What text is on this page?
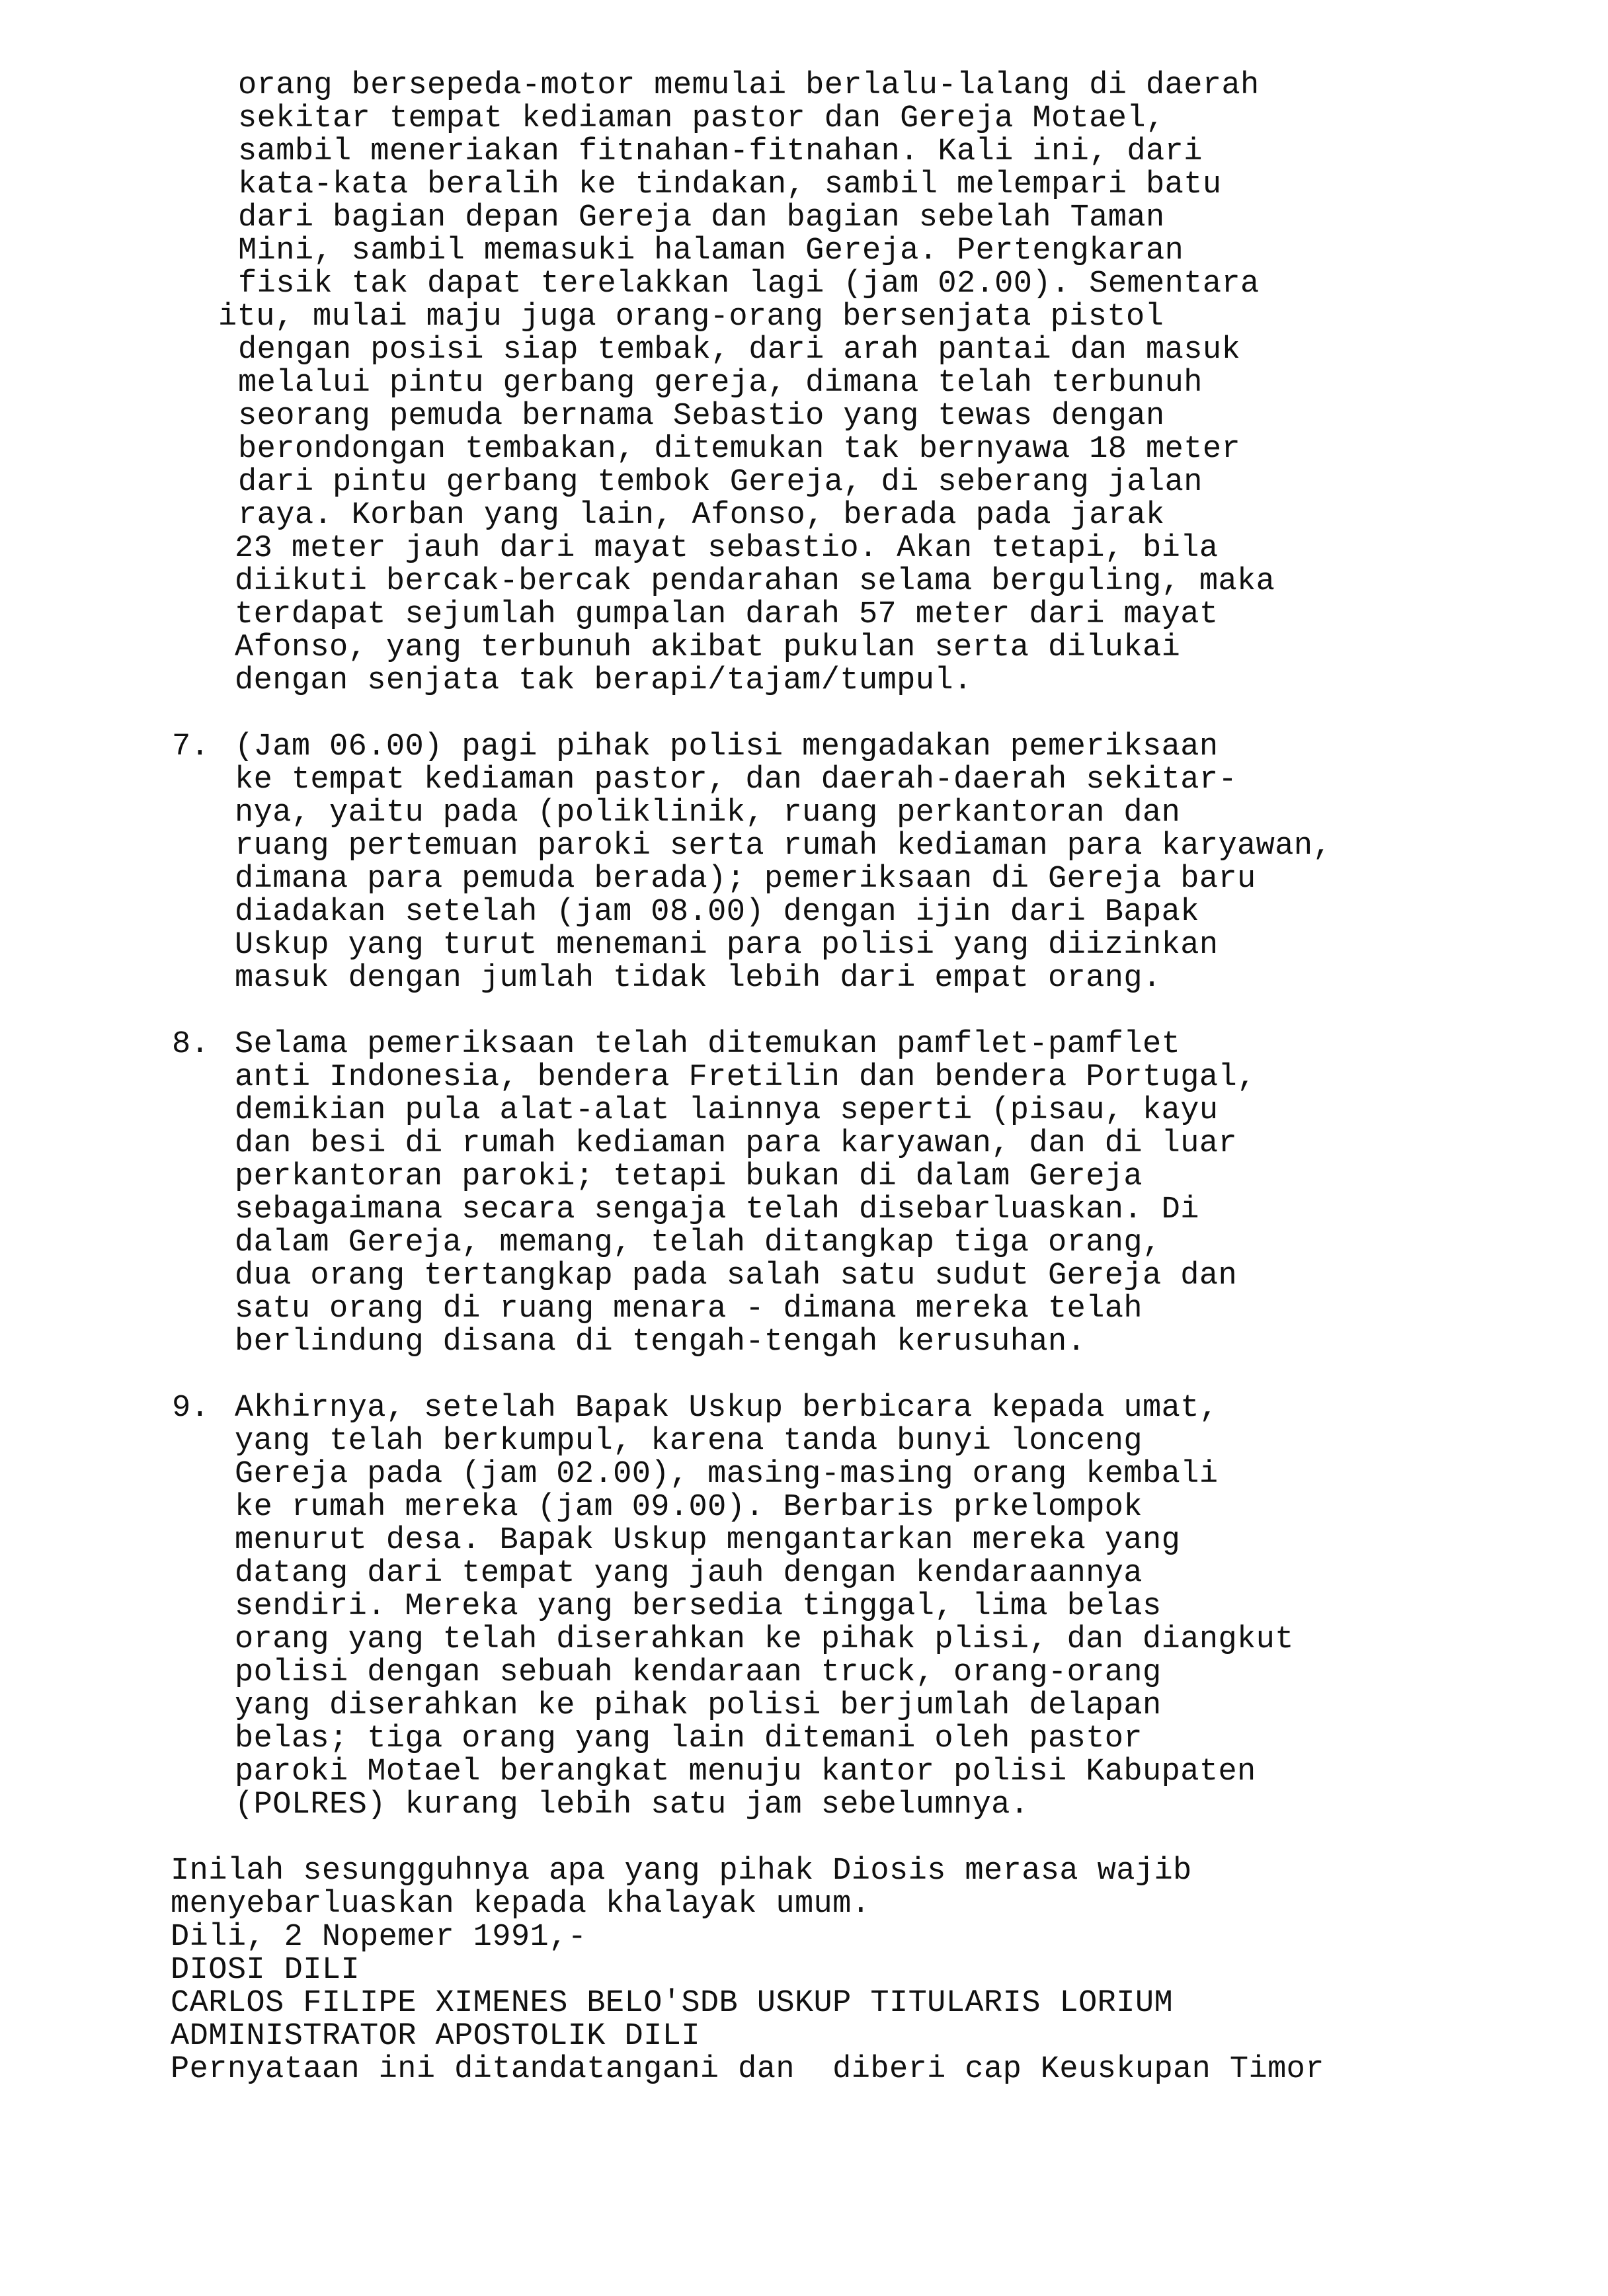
orang bersepeda-motor memulai berlalu-lalang di daerah
sekitar tempat kediaman pastor dan Gereja Motael,
sambil meneriakan fitnahan-fitnahan. Kali ini, dari
kata-kata beralih ke tindakan, sambil melempari batu
dari bagian depan Gereja dan bagian sebelah Taman
Mini, sambil memasuki halaman Gereja. Pertengkaran
fisik tak dapat terelakkan lagi (jam 02.00). Sementara
itu, mulai maju juga orang-orang bersenjata pistol
dengan posisi siap tembak, dari arah pantai dan masuk
melalui pintu gerbang gereja, dimana telah terbunuh
seorang pemuda bernama Sebastio yang tewas dengan
berondongan tembakan, ditemukan tak bernyawa 18 meter
dari pintu gerbang tembok Gereja, di seberang jalan
raya. Korban yang lain, Afonso, berada pada jarak
23 meter jauh dari mayat sebastio. Akan tetapi, bila
diikuti bercak-bercak pendarahan selama berguling, maka
terdapat sejumlah gumpalan darah 57 meter dari mayat
Afonso, yang terbunuh akibat pukulan serta dilukai
dengan senjata tak berapi/tajam/tumpul.
7. (Jam 06.00) pagi pihak polisi mengadakan pemeriksaan
ke tempat kediaman pastor, dan daerah-daerah sekitar-
nya, yaitu pada (poliklinik, ruang perkantoran dan
ruang pertemuan paroki serta rumah kediaman para karyawan,
dimana para pemuda berada); pemeriksaan di Gereja baru
diadakan setelah (jam 08.00) dengan ijin dari Bapak
Uskup yang turut menemani para polisi yang diizinkan
masuk dengan jumlah tidak lebih dari empat orang.
8. Selama pemeriksaan telah ditemukan pamflet-pamflet
anti Indonesia, bendera Fretilin dan bendera Portugal,
demikian pula alat-alat lainnya seperti (pisau, kayu
dan besi di rumah kediaman para karyawan, dan di luar
perkantoran paroki; tetapi bukan di dalam Gereja
sebagaimana secara sengaja telah disebarluaskan. Di
dalam Gereja, memang, telah ditangkap tiga orang,
dua orang tertangkap pada salah satu sudut Gereja dan
satu orang di ruang menara - dimana mereka telah
berlindung disana di tengah-tengah kerusuhan.
9. Akhirnya, setelah Bapak Uskup berbicara kepada umat,
yang telah berkumpul, karena tanda bunyi lonceng
Gereja pada (jam 02.00), masing-masing orang kembali
ke rumah mereka (jam 09.00). Berbaris prkelompok
menurut desa. Bapak Uskup mengantarkan mereka yang
datang dari tempat yang jauh dengan kendaraannya
sendiri. Mereka yang bersedia tinggal, lima belas
orang yang telah diserahkan ke pihak plisi, dan diangkut
polisi dengan sebuah kendaraan truck, orang-orang
yang diserahkan ke pihak polisi berjumlah delapan
belas; tiga orang yang lain ditemani oleh pastor
paroki Motael berangkat menuju kantor polisi Kabupaten
(POLRES) kurang lebih satu jam sebelumnya.
Inilah sesungguhnya apa yang pihak Diosis merasa wajib
menyebarluaskan kepada khalayak umum.
Dili, 2 Nopemer 1991,-
DIOSI DILI
CARLOS FILIPE XIMENES BELO'SDB USKUP TITULARIS LORIUM
ADMINISTRATOR APOSTOLIK DILI
Pernyataan ini ditandatangani dan  diberi cap Keuskupan Timor
